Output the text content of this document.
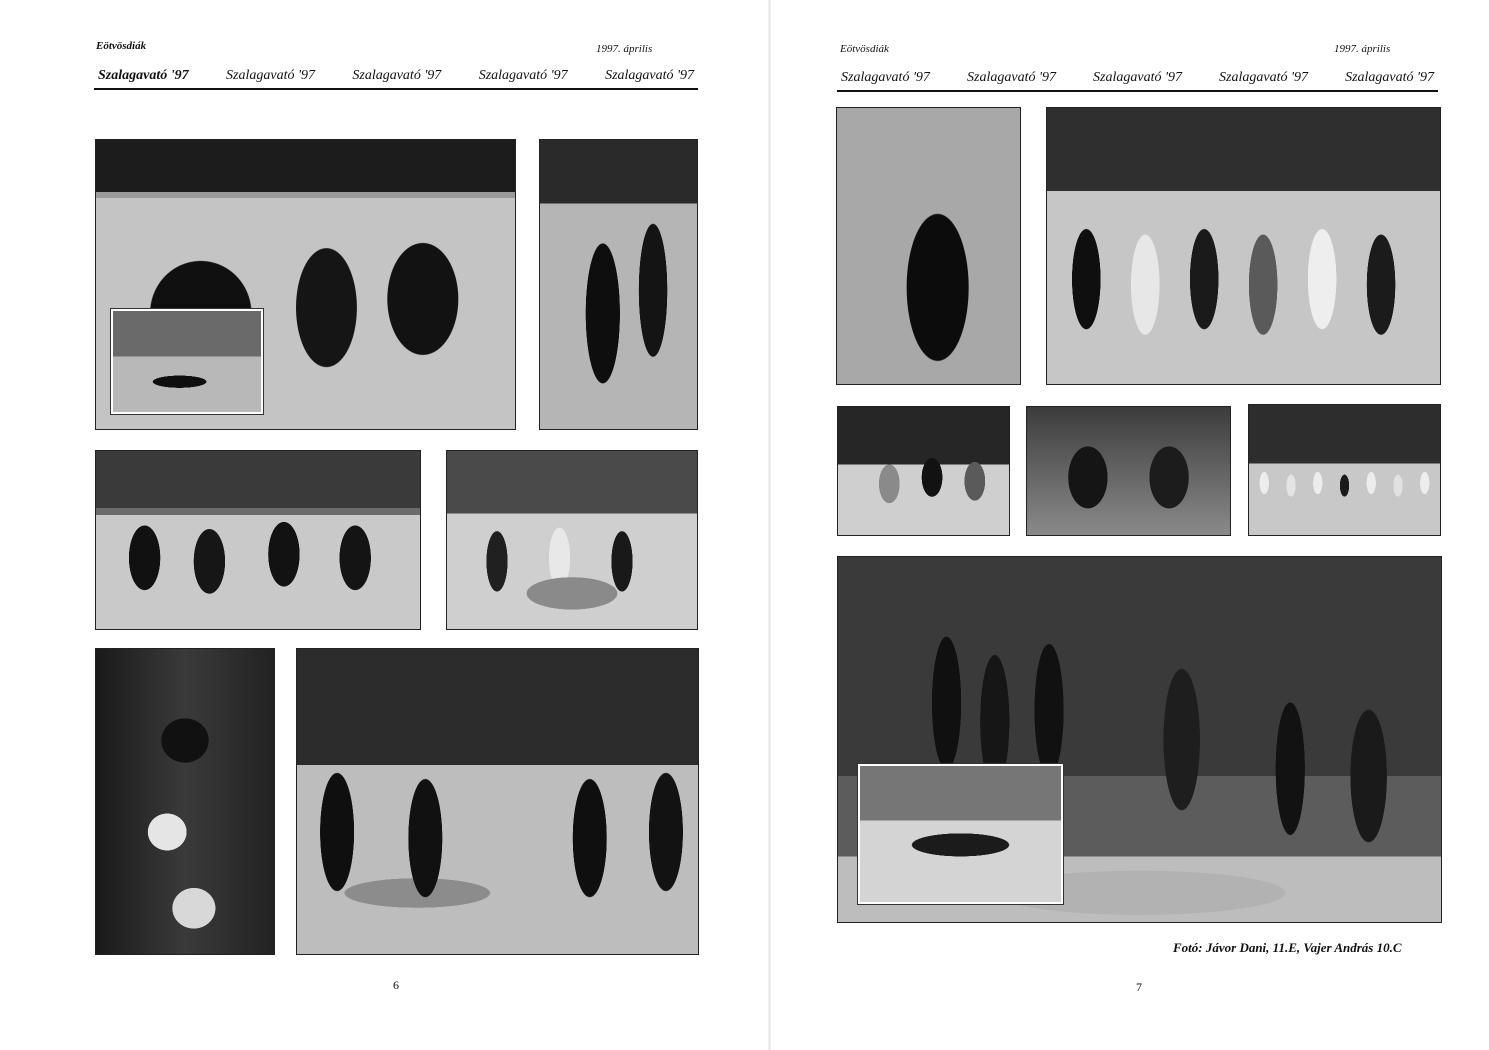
Eötvösdiák	1997. április
Szalagavató '97	Szalagavató '97	Szalagavató '97	Szalagavató '97	Szalagavató '97
6
Eötvösdiák	1997. április
Szalagavató '97	Szalagavató '97	Szalagavató '97	Szalagavató '97	Szalagavató '97
Fotó: Jávor Dani, 11.E, Vajer András 10.C
7
